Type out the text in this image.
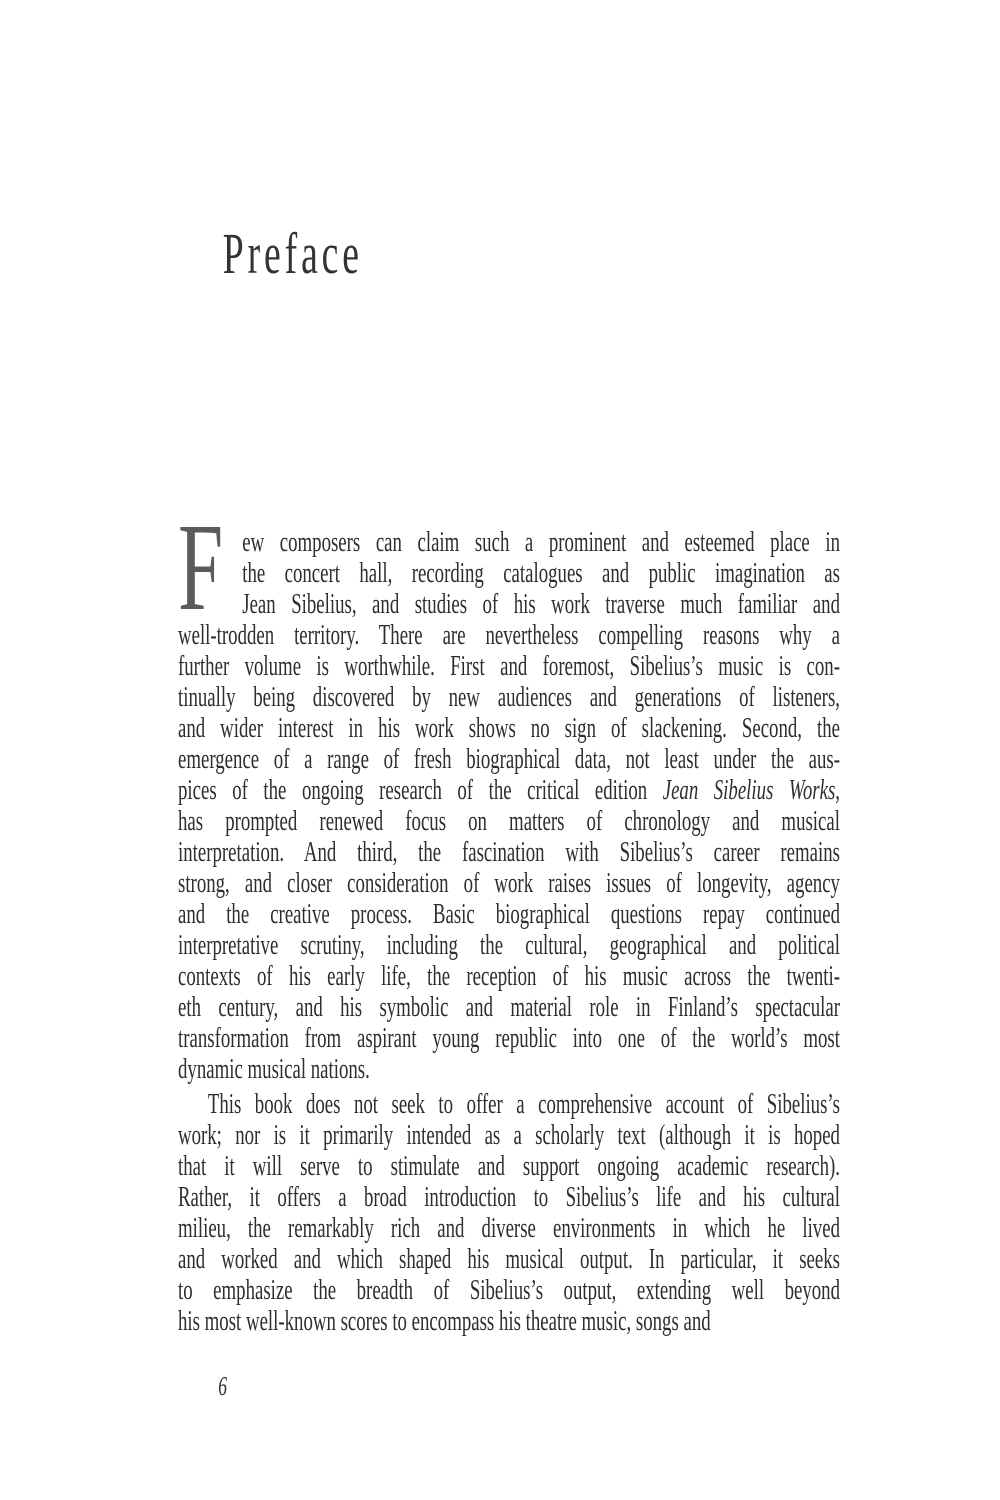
Preface
F ew composers can claim such a prominent and esteemed place in
the concert hall, recording catalogues and public imagination as
Jean Sibelius, and studies of his work traverse much familiar and
well-trodden territory. There are nevertheless compelling reasons why a
further volume is worthwhile. First and foremost, Sibelius’s music is con-
tinually being discovered by new audiences and generations of listeners,
and wider interest in his work shows no sign of slackening. Second, the
emergence of a range of fresh biographical data, not least under the aus-
pices of the ongoing research of the critical edition Jean Sibelius Works,
has prompted renewed focus on matters of chronology and musical
interpretation. And third, the fascination with Sibelius’s career remains
strong, and closer consideration of work raises issues of longevity, agency
and the creative process. Basic biographical questions repay continued
interpretative scrutiny, including the cultural, geographical and political
contexts of his early life, the reception of his music across the twenti-
eth century, and his symbolic and material role in Finland’s spectacular
transformation from aspirant young republic into one of the world’s most
dynamic musical nations.
This book does not seek to offer a comprehensive account of Sibelius’s
work; nor is it primarily intended as a scholarly text (although it is hoped
that it will serve to stimulate and support ongoing academic research).
Rather, it offers a broad introduction to Sibelius’s life and his cultural
milieu, the remarkably rich and diverse environments in which he lived
and worked and which shaped his musical output. In particular, it seeks
to emphasize the breadth of Sibelius’s output, extending well beyond
his most well-known scores to encompass his theatre music, songs and
6
